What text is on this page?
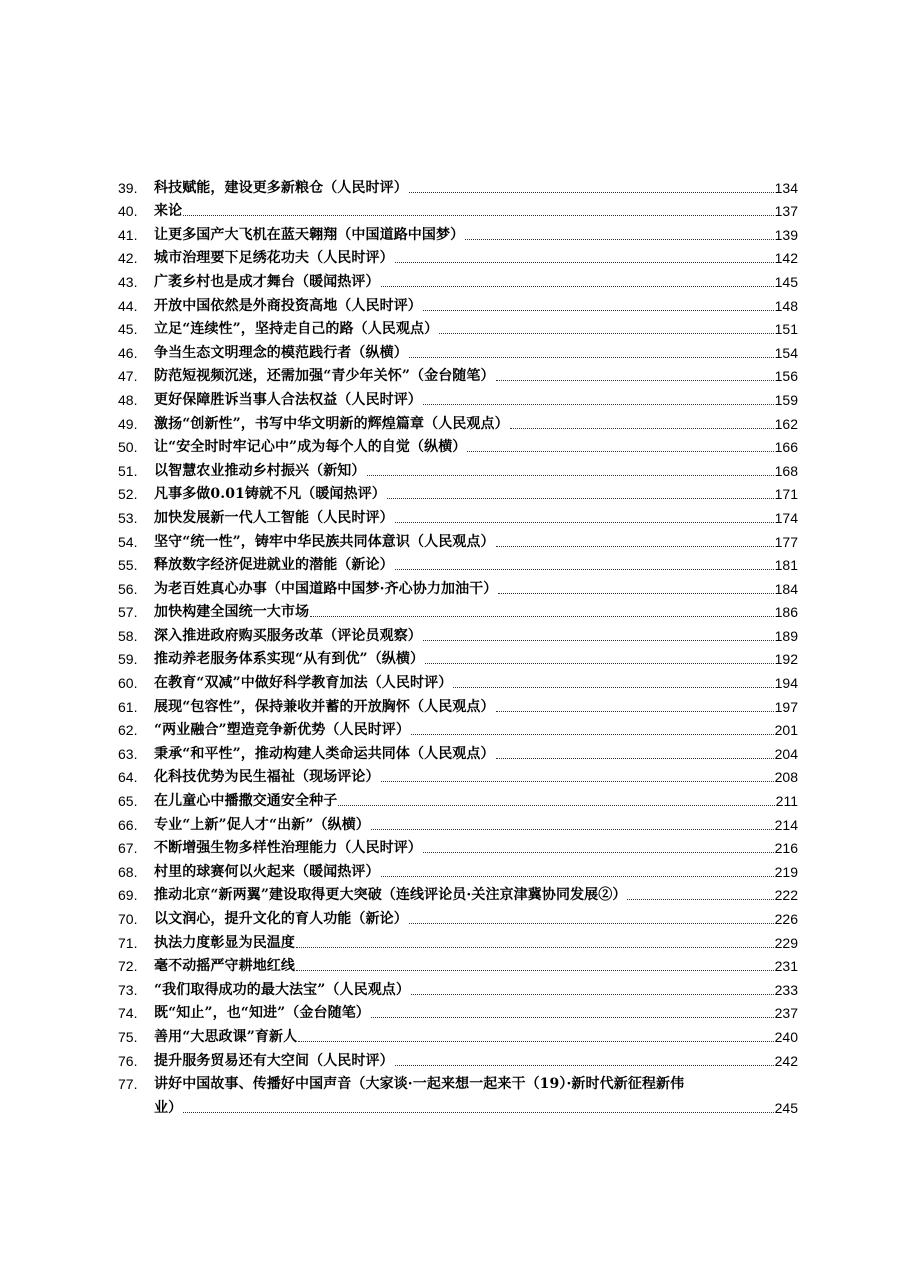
39.	科技赋能，建设更多新粮仓（人民时评）	134
40.	来论	137
41.	让更多国产大飞机在蓝天翱翔（中国道路中国梦）	139
42.	城市治理要下足绣花功夫（人民时评）	142
43.	广袤乡村也是成才舞台（暖闻热评）	145
44.	开放中国依然是外商投资高地（人民时评）	148
45.	立足“连续性”，坚持走自己的路（人民观点）	151
46.	争当生态文明理念的模范践行者（纵横）	154
47.	防范短视频沉迷，还需加强“青少年关怀”（金台随笔）	156
48.	更好保障胜诉当事人合法权益（人民时评）	159
49.	激扬“创新性”，书写中华文明新的辉煌篇章（人民观点）	162
50.	让“安全时时牢记心中”成为每个人的自觉（纵横）	166
51.	以智慧农业推动乡村振兴（新知）	168
52.	凡事多做0.01铸就不凡（暖闻热评）	171
53.	加快发展新一代人工智能（人民时评）	174
54.	坚守“统一性”，铸牢中华民族共同体意识（人民观点）	177
55.	释放数字经济促进就业的潜能（新论）	181
56.	为老百姓真心办事（中国道路中国梦·齐心协力加油干）	184
57.	加快构建全国统一大市场	186
58.	深入推进政府购买服务改革（评论员观察）	189
59.	推动养老服务体系实现“从有到优”（纵横）	192
60.	在教育“双减”中做好科学教育加法（人民时评）	194
61.	展现“包容性”，保持兼收并蓄的开放胸怀（人民观点）	197
62.	“两业融合”塑造竞争新优势（人民时评）	201
63.	秉承“和平性”，推动构建人类命运共同体（人民观点）	204
64.	化科技优势为民生福祉（现场评论）	208
65.	在儿童心中播撒交通安全种子	211
66.	专业“上新”促人才“出新”（纵横）	214
67.	不断增强生物多样性治理能力（人民时评）	216
68.	村里的球赛何以火起来（暖闻热评）	219
69.	推动北京“新两翼”建设取得更大突破（连线评论员·关注京津冀协同发展②）	222
70.	以文润心，提升文化的育人功能（新论）	226
71.	执法力度彰显为民温度	229
72.	毫不动摇严守耕地红线	231
73.	“我们取得成功的最大法宝”（人民观点）	233
74.	既“知止”，也“知进”（金台随笔）	237
75.	善用“大思政课”育新人	240
76.	提升服务贸易还有大空间（人民时评）	242
77.	讲好中国故事、传播好中国声音（大家谈·一起来想一起来干（19）·新时代新征程新伟
业）	245
